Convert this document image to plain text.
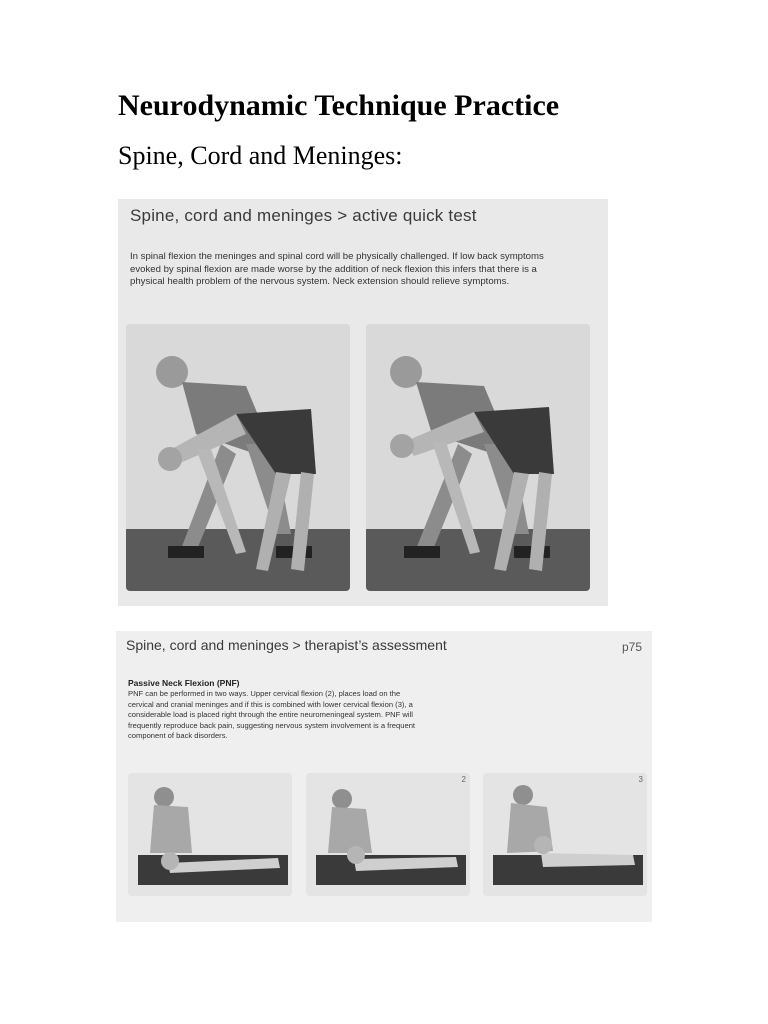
Neurodynamic Technique Practice
Spine, Cord and Meninges:
Spine, cord and meninges > active quick test

In spinal flexion the meninges and spinal cord will be physically challenged. If low back symptoms evoked by spinal flexion are made worse by the addition of neck flexion this infers that there is a physical health problem of the nervous system. Neck extension should relieve symptoms.

Spine, cord and meninges > therapist’s assessment	p75

Passive Neck Flexion (PNF)

PNF can be performed in two ways. Upper cervical flexion (2), places load on the cervical and cranial meninges and if this is combined with lower cervical flexion (3), a considerable load is placed right through the entire neuromeningeal system. PNF will frequently reproduce back pain, suggesting nervous system involvement is a frequent component of back disorders.

2	3
